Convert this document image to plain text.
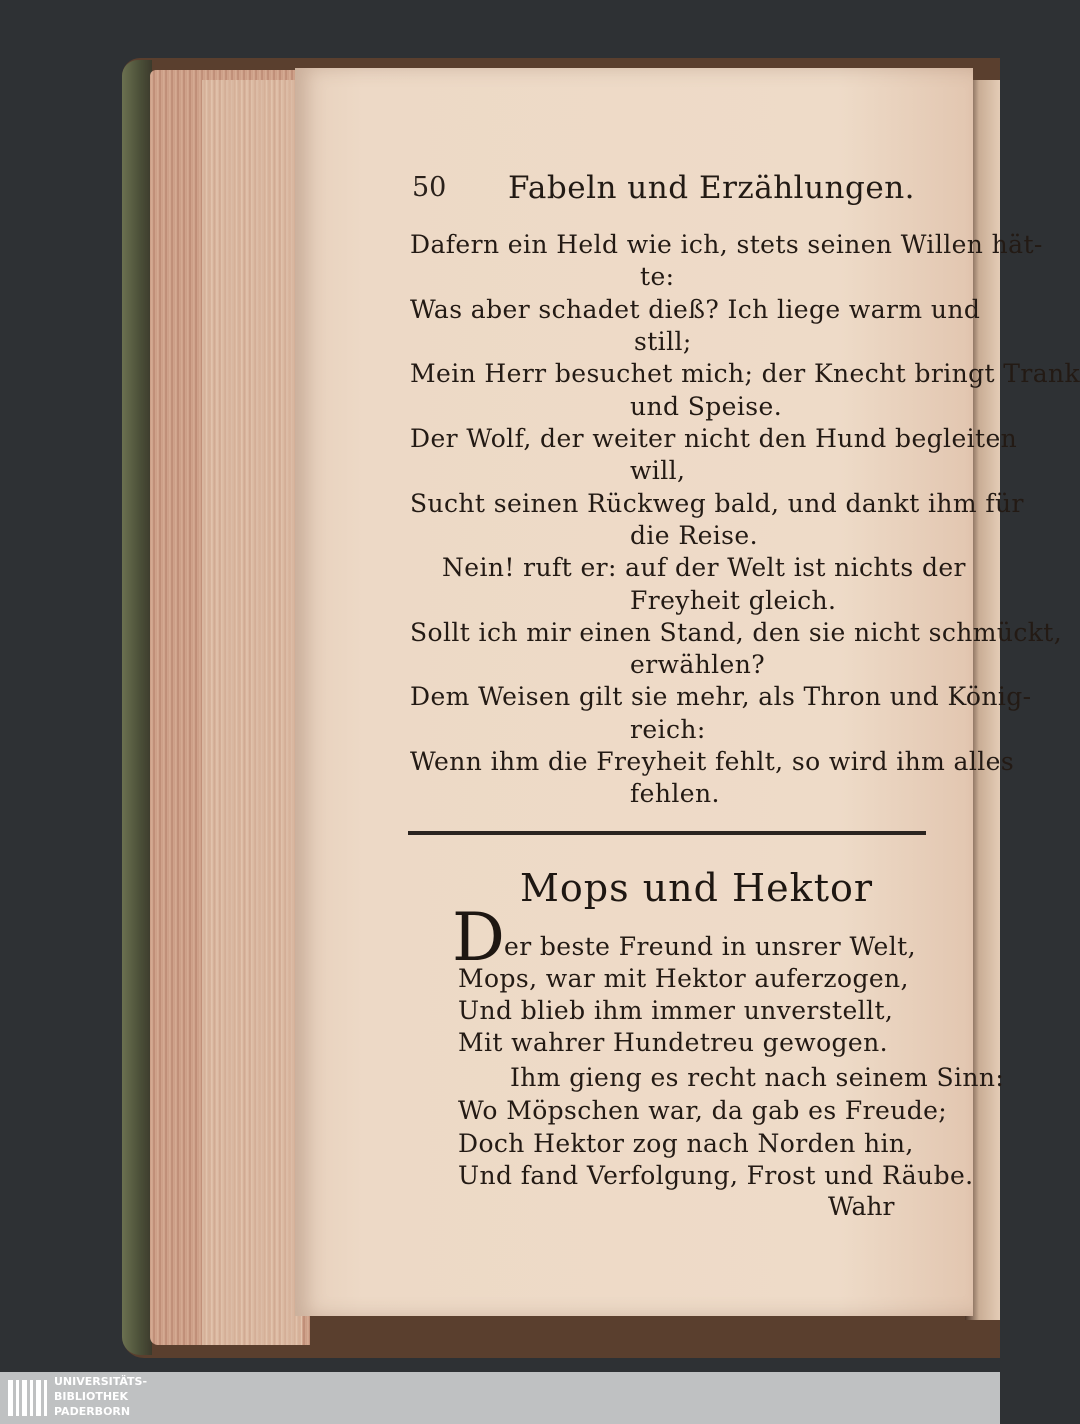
50 Fabeln und Erzählungen.
Dafern ein Held wie ich, stets seinen Willen hät-
te:
Was aber schadet dieß? Ich liege warm und
still;
Mein Herr besuchet mich; der Knecht bringt Trank
und Speise.
Der Wolf, der weiter nicht den Hund begleiten
will,
Sucht seinen Rückweg bald, und dankt ihm für
die Reise.
Nein! ruft er: auf der Welt ist nichts der
Freyheit gleich.
Sollt ich mir einen Stand, den sie nicht schmückt,
erwählen?
Dem Weisen gilt sie mehr, als Thron und König-
reich:
Wenn ihm die Freyheit fehlt, so wird ihm alles
fehlen.
Mops und Hektor
D er beste Freund in unsrer Welt,
Mops, war mit Hektor auferzogen,
Und blieb ihm immer unverstellt,
Mit wahrer Hundetreu gewogen.
Ihm gieng es recht nach seinem Sinn:
Wo Möpschen war, da gab es Freude;
Doch Hektor zog nach Norden hin,
Und fand Verfolgung, Frost und Räube.
Wahr
UNIVERSITÄTS-
BIBLIOTHEK
PADERBORN
